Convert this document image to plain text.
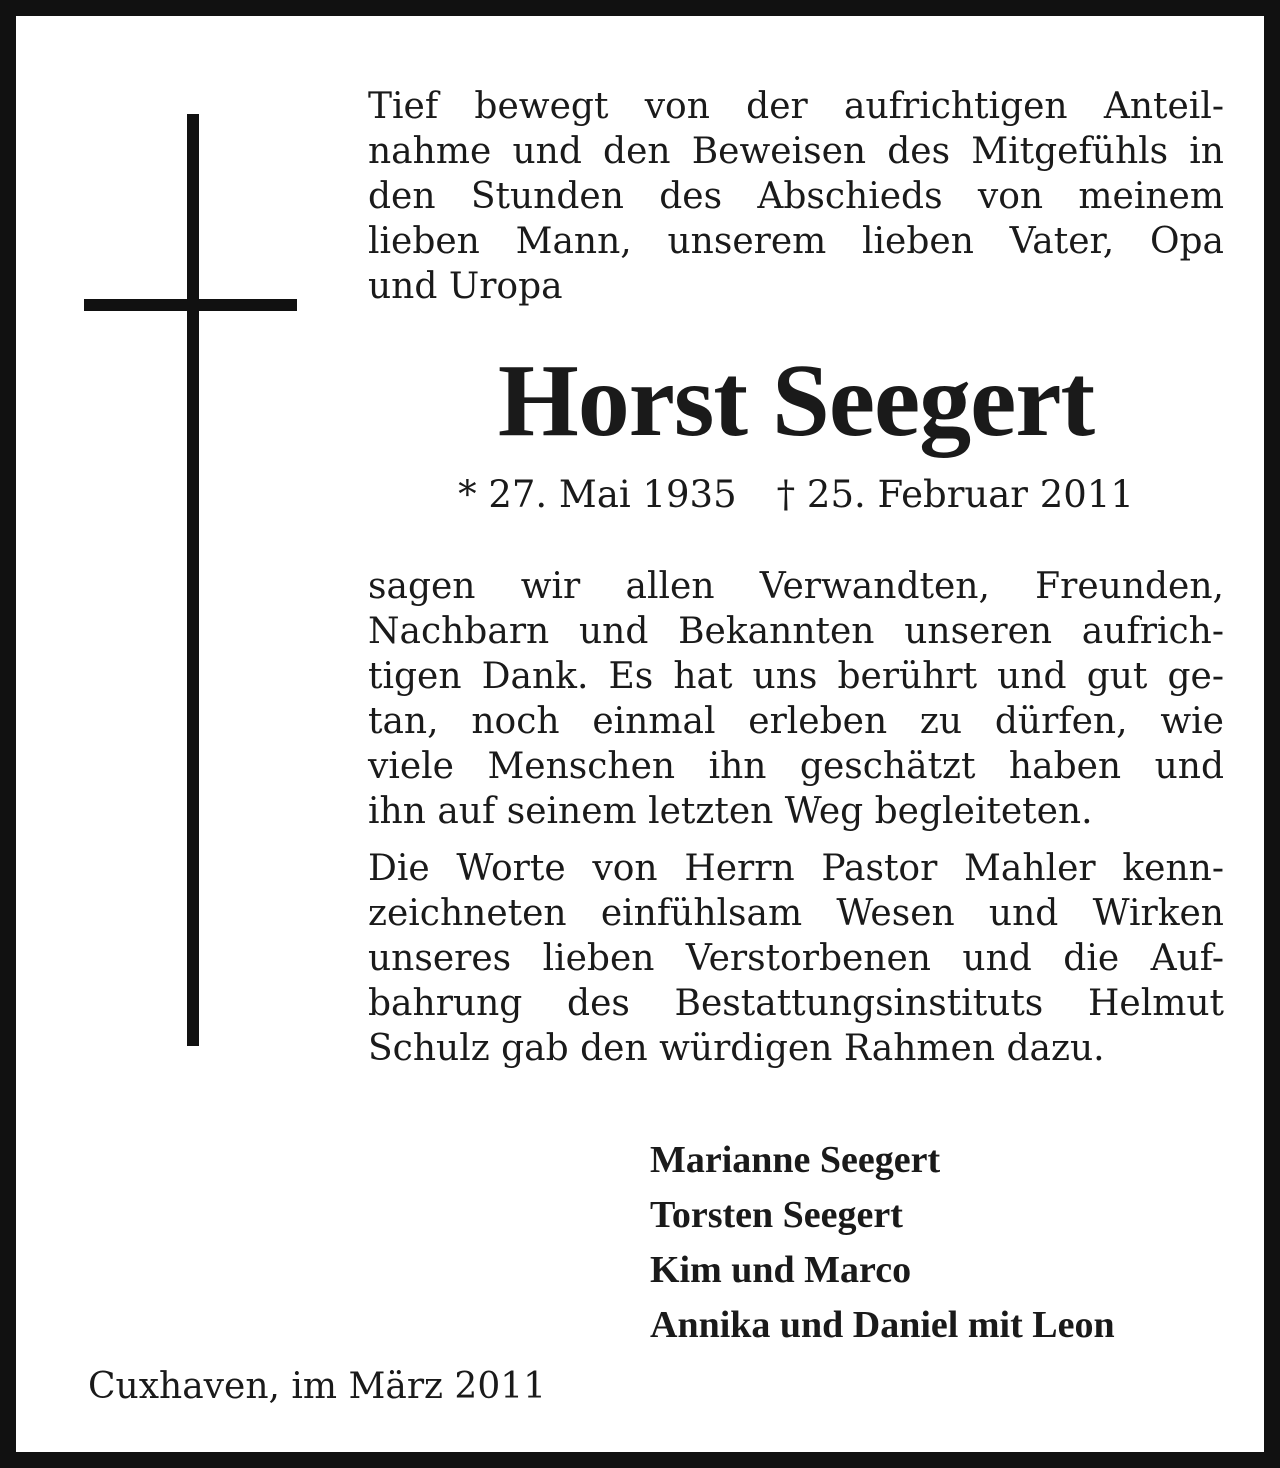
Tief bewegt von der aufrichtigen Anteil-
nahme und den Beweisen des Mitgefühls in
den Stunden des Abschieds von meinem
lieben Mann, unserem lieben Vater, Opa
und Uropa

Horst Seegert
* 27. Mai 1935 † 25. Februar 2011

sagen wir allen Verwandten, Freunden,
Nachbarn und Bekannten unseren aufrich-
tigen Dank. Es hat uns berührt und gut ge-
tan, noch einmal erleben zu dürfen, wie
viele Menschen ihn geschätzt haben und
ihn auf seinem letzten Weg begleiteten.

Die Worte von Herrn Pastor Mahler kenn-
zeichneten einfühlsam Wesen und Wirken
unseres lieben Verstorbenen und die Auf-
bahrung des Bestattungsinstituts Helmut
Schulz gab den würdigen Rahmen dazu.

Marianne Seegert
Torsten Seegert
Kim und Marco
Annika und Daniel mit Leon
Cuxhaven, im März 2011
